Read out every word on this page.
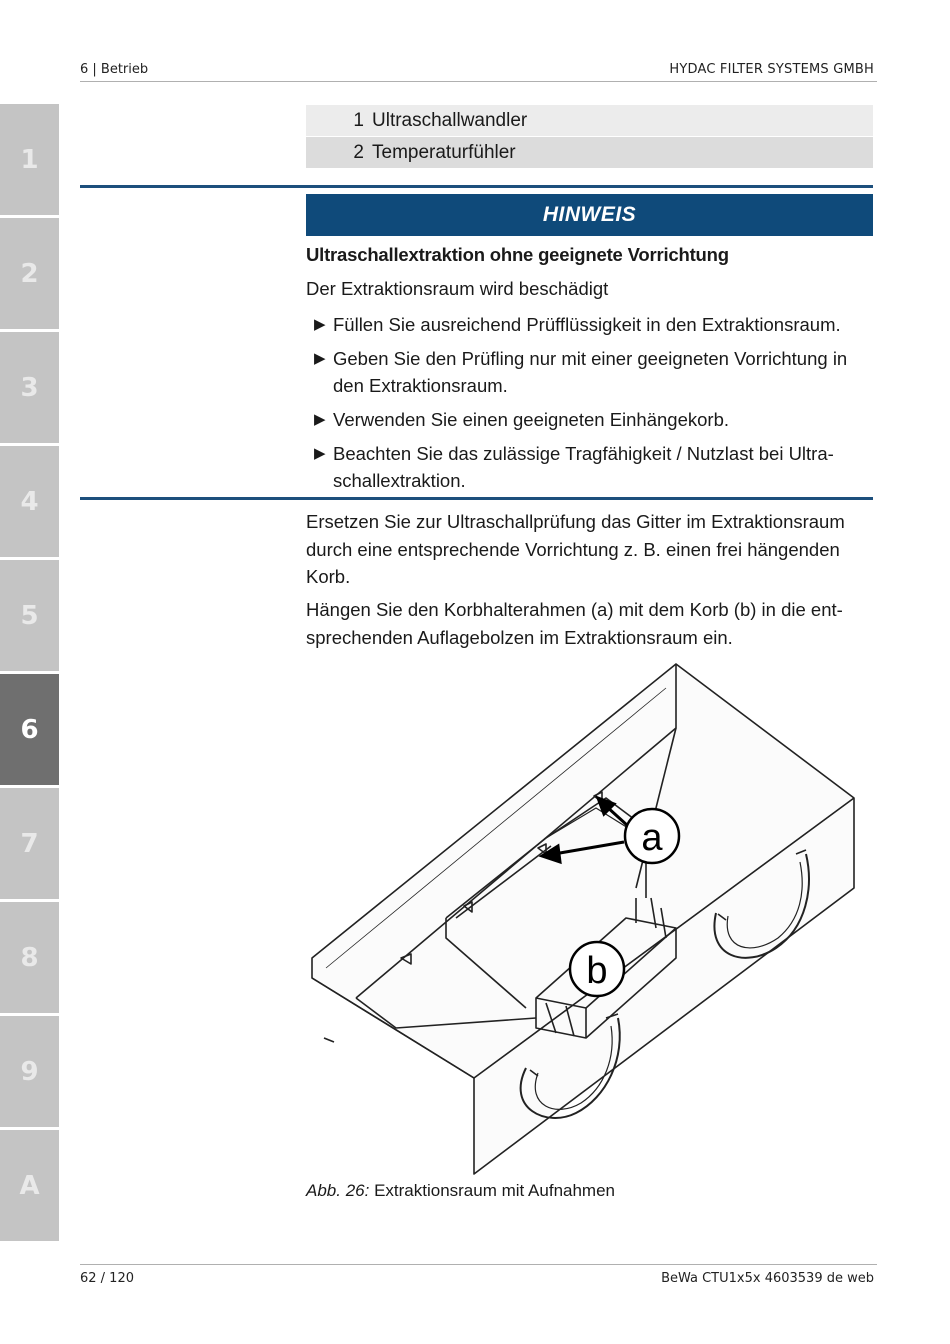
6 | Betrieb	HYDAC FILTER SYSTEMS GMBH
1
2
3
4
5
6
7
8
9
A
1 Ultraschallwandler
2 Temperaturfühler
HINWEIS
Ultraschallextraktion ohne geeignete Vorrichtung
Der Extraktionsraum wird beschädigt
▶ Füllen Sie ausreichend Prüfflüssigkeit in den Extraktionsraum.
▶ Geben Sie den Prüfling nur mit einer geeigneten Vorrichtung in den Extraktionsraum.
▶ Verwenden Sie einen geeigneten Einhängekorb.
▶ Beachten Sie das zulässige Tragfähigkeit / Nutzlast bei Ultra-schallextraktion.
Ersetzen Sie zur Ultraschallprüfung das Gitter im Extraktionsraum durch eine entsprechende Vorrichtung z. B. einen frei hängenden Korb.
Hängen Sie den Korbhalterahmen (a) mit dem Korb (b) in die ent-sprechenden Auflagebolzen im Extraktionsraum ein.
a
b
Abb. 26: Extraktionsraum mit Aufnahmen
62 / 120	BeWa CTU1x5x 4603539 de web
